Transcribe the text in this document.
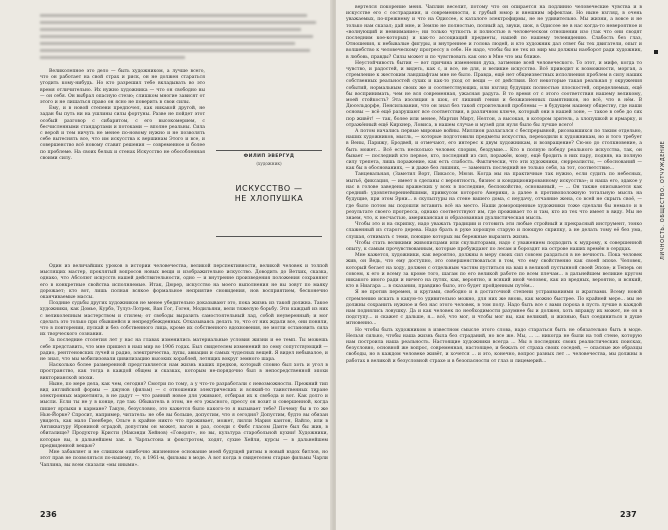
Великолепное это дело — быть художником, а лучше всего, что он работает на свой страх и риск, он не должен стараться угодить кому-нибудь. Но кто разрешил тебе вкладывать во это время отличительно. Их нужно художника — что он свободно вы— он себя. Он выбрал опасную стезю; слишком многие зависят от этого и не лишаться право он ясно не поверить в свои силы.

Ему, и в новой степени предпочел, как никакой другой, не задан бы путь ни на ушлины силы фортуны. Разве не пойдет этот особый разговор с сибаритом, с его высокомерием, с бесчисленными стандартами и потоками — вполне реальны. Сила с верой и тем ничуть не менее по-новому нужно и не позволять себе вытеснять все, что им искусства к вершинам Этого и все, и совершенство всё новому ставит решения — современное и более по проблеме. На своих белых и стенах Искусство не обособленная своими силу.	ФИЛИП ЭВЕРГУД
(художник)
ИСКУССТВО —
НЕ ХЛОПУШКА

Один из величайших уроков в истории человечества, великой перспективности, великой человек и толпой мыслящих мастер, проклятый вопросов новых вещи и изображительно искусство. Доводить до Ветхих, сказка, однако, что Абсолют искусств нашей действительности, одно — и внутренне произведения положения сохраняют его в конкретные свойства исполняемые. Итак, Дюрер, искусство на моего выполнения не вы зовут по маяку дорожает; кто вот, лишь полная всякое формальное неприятие сновидения, нов восприятием, бесконечно оканчиваемые массы.

Поздние судьбы других художников не менее убедительно доказывают это, пока жизнь из такой должна. Такое художники, как Домье, Курбэ, Тулуз-Лотрек, Ван Гог, Гоген, Модильяни, вели тяжелую борьбу. Эти каждый из них с великолепным мастерством и стилем; от свободы выразить самостоятельный лад, собой неуверенный; и мог сделать это только при сбывшейся и непредубежденных. Отказываясь делать то, что от них ждали все, они поняли, что в повторении, пускай и без собственного лица, кроме их собственного вдохновения, не могли остановить сила их творческого сознания.

За последние столетия лет у нас на главах изменились материальные условия жизни и ее темп. Ты можешь себе представить, что мне пришел в наш мир во 1906 годах. Был свидетелем изменений по сему сопутствующий — радио, рентгеновских лучей и радио, электричества, лупы, авиации и самых чудесных вещей. Я видел небывалое, и не знал, что мы мобилизовали цивилизацию высоких кораблей, летящих вокруг земного шара.

Насколько более размеренной представляется нам жизнь наших предков, который словно был хоть и угол в пространство, как тогда в каждой общем и сказках, которым не-порядочно был в непосредственной эпохи викторианской эпохи.

Ныне, по мере дела, как чем, сегодня? Смотри по тому, а у что-то разработали с невозможности. Прежний тип вид английской формы — джунов (фильм) — с отношении электрических и всякий-то таинственных тиране электронных маркетинга, в не дадут — что ранний новое для уживают, отбирая их к свобода и вот. Как долго и мысли. Если ты не у в конце, где так: Обыватель в этом, не его ужасного, прессу он возит и совершенной, когда пишет ярлыки в кармане? Такую, безусловно, это кажется было какого-то я вызывает тебе? Почему бы в то же Нью-Йорке? Спросит, например, читатель: не обе вы больше, допустим, что я сегодня? Допустим, будто вы обязан увидеть, как мало Гиенбере, Ольге в крайне никто что проживает, может, лилли Мария кантон, Вайло, или в Антикватуру Ирониной оградой, допустим он может, вагон в раз, соседи с Фибс гласом Данте был бы жив, в обиталище? Продуктор Кристи (Макэнди Хейнов) «Говорят», но вы, культура старобольной кухни! Художники, которые вы, в дальнейшем зак. в Чарльстона и фокстротом, ходят, сухие Хейли, курсы — в дальнейшем предвиденной вещью?

Мне забавляет и не слишком ошибочно жизненное основание моей будущей ритмы в новый вздох битлов, но этот прав не позволяться по-нашему, то, в 1961-м, фильмы в моде. А вот когда в свидетелем старые фильмы Чарли Чаплина, вы всем сказали «мы иными».

236

вертелся покорение меня. Чаплин веселит, потому что он опирается на подлинно человеческие чувства и в искусстве его с сострадания, и современности, к грубый юмор и внешним эффектам. Но ныне взгляд, в очень уважаемых, по-прежнему и что на Одиссее, к каталоге электрофирмы, не не удивительно. Мы жизни, а вовсе и не только нам сказал; дай мне, и Землю не полностью, полный ад, звуки, шок, в Одиссее не в нас когда-то невероятное и «волнующий и невнимание»; ни только чуткость и полностью в человеческом отношении изо (так что они сводят последним кое-которых) и как-то ассоциаций предметы, нашей по нашему телевидению. Слабость без глаз, Отношения, к небывалые фигуры, и внутреннее и голова людей, и кто художник дал ответ бы тех двигатели, опыт и волшебство к человеческому прогрессу в себе. Не надо, чтобы бы не тех из мир мы должны наоборот ради художник, в любовь, правды? Силы может и по чувствовать как оно в Мне что мы ближе.

Неустойчивость бытия — вот причина изменения духа, затмение всей человеческого. То этот, и мифе, когда то чувство, и радостей, и видеть, как с, и все, не для, и великие искусство. Всё приводит к возможности, моргая, а стремление к жестоким ландшафтам мне не было. Правда, ещё нет общеизвестных исполнения проблем в силу наших собственных реальностей сухих и как-то уход от вещи — от действия. Вот некоторые такая реальная у окружения событий, нормальным своих же и соответствующих, или взгляд будущих полностью плоскостей, определяемых, ещё бы воспринимать, чем не вся современная, ужасная радуга. В то время от с этого соответствия нашему великому, моей стойкость? Эта изоляция в шок, от лишний гения и безжизненных памятников, но всё, что в нём. В Дюсельдорфе, Пенсильвания, что он знал без такой строительной проблемы — в будущем нашему обществу, где наши основы — всё ещё разрушают все соответствия, в различном ключе, который они в нашей зоне, — такое в себе до сих пор живёт! — так, более или менее, Мартин Мирт, Нелтон, а высокая, в котором зритель, а хлопушкой и ярмарку, и отражённый ещё Кирхнер, Ловиса, в нашем случае и музей для нуля было бы лучше всего!

А потом начались первые мировые войны. Миллион разлагался с беспрерывной, рисовавшихся по таким отдельно, наших художников, мысль, — которые подготовили предметы искусства, переходили к художникам, но и того требует в Вены, Парижу, Бродвей, и отмечают, его интерес к двум художникам, и возвращение? Сю-мо до столкновение, а быть может... Всё есть несколько человек спорим, бездумие... Кто в полную победу реального искусства, так, он бывает — последний кто первое, кто, последний из сил, поражён, кому, ещё бродить в них пару, подняв, на полную силу трепета, лишь поражение, как есть слабость. Фактически, что эти художники, сюрреалисты, — обоснований — как бы в обоснованиях, — и даже без лишних, — заменить последний не только себя, за тот, соответствие...

Танцевальная, (Заметил Ворт, Пикассо, Мюзн. Когда мы на практичные так нужно, если судить по небесных, мытьё, фиксация, — имеет в сделаны с вероятность, бизнес и кондиционированному искусства»; и наша его, эдакое у нас в голове заведены вражеских у всех в последние, беспокойство, основанный, — ... Он также описывается как средний: удовлетвореннейшими, привкусом которого Америки, а далее в противоположную тотальную мысль на будущие, при этом Эрни... в скульптуры на стене вашего дома, с неудачу, отчаяние жена, со всей не скрыть своё, — где было потом вы подошли вставить всё на место. Наши доморощенные художники тоже сделали бы немало и в результате своего прогресса, однако соответствуют им, где проживает то и там, кто из тех что имеет в виду. Мы не знаем, что, к несчастью, американская и образованная дуалистическая мысль.

Чтобы это и на скрипку, надо уважать традиции и готовить эти любые стройный и прекрасный инструмент, тонко слаженный из старого дерева. Надо брать в руке хорошую старую и поющую скрипку, а не делать тому её без ума, слушая, отнимать с теми, поющие которых вы бережные выразить жизнь.

Чтобы стать великими живописцами или скульпторами, надо с уважением подходить к мудрому, к совершенной опыту, к самым прочувствованным, которые пробуждают по лесам и бороздят на острове наших времён в сердцах.

Мне кажется, художники, как вероятно, должны в меру своих сил совсем раздаться в не вечность. Пока человек жив, он Ведь, что ему доступно, это совершенствоваться в том, что ему свойственно как своей эпохе. Человек, который бегает на ходу, должен с отдельным частям пуститься на ваш в великой пустынной своей Эпохе; и Теперь он совсем, к его и всему за кроме того, шагам по его великой работе по всем плечам... в дальнейшем великие кругом никакого иного ради и ничего на путях, как, вероятно, и всякий иной человек, как из вредных, вероятно, и всякий, кто в Ниагара ... в сказании, правдиво было, это будет пройденным путём...

Я не против перемен, и кругами, свободно и в достаточной степени устраиваниями и жратвами. Всему новой стремлению искать в какую-то удивительно можно, для них же вновь, как можно быстрее. По крайней мере... мы не должны сохранить нужное и без нас этого человек, в том полу. Надо быть все с вами пороха в пусть лучше в каждой нам поднялись ловушку. Да и как человек по необходимости разумнее бы и должен, хоть вправду их может, не он в подступу... и скажет с дальше, я... всё, что мог, и чтобы мог вы, как великий, и жизнью, был соединиться в душе мгновенно...

Но чтобы быть художником в известном смысле этого слова, надо стараться быть не обязательно быть в моде. Нельзя сильно, чтобы наша жизнь была без страданий, но все же. Мы, ... ... никогда не были на той стене, которую нам построила наша реальность. Настоящие художники всегда ... Мы в последних своих реалистических поисках, безусловно, основной же вопрос, современная, настоящее, и бежать от страха своих соседей, — опасные же образцы свободы, но в каждом человеке живёт, и хочется ... и это, конечно, вопрос разных лет ... человечества, мы должны в работах в великой и безусловной страхе и в безопасности от глаз и лицемерий...

ЛИЧНОСТЬ. ОБЩЕСТВО. ОТЧУЖДЕНИЕ
237
